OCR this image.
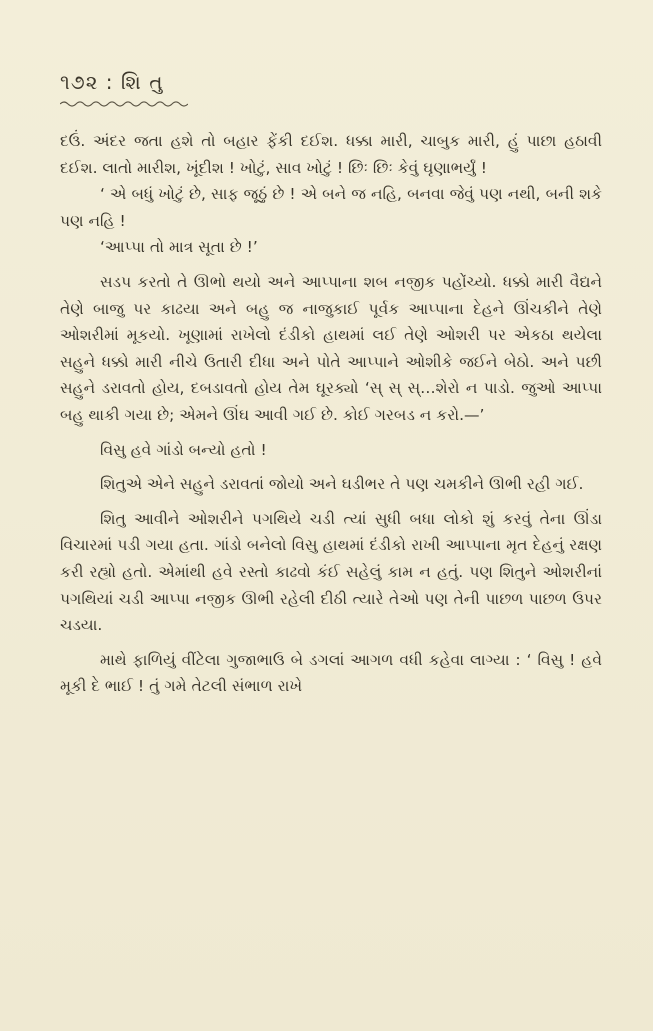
૧૭૨ : શિ તુ

દઉં. અંદર જતા હશે તો બહાર ફેંકી દઈશ. ધક્કા મારી, ચાબુક મારી, હું પાછા હઠાવી દઈશ. લાતો મારીશ, ખૂંદીશ ! ખોટું, સાવ ખોટું ! છિઃ છિઃ કેવું ઘૃણાભર્યું !

‘ એ બધું ખોટું છે, સાફ જૂઠું છે ! એ બને જ નહિ, બનવા જેવું પણ નથી, બની શકે પણ નહિ !

‘આપ્પા તો માત્ર સૂતા છે !’

સડપ કરતો તે ઊભો થયો અને આપ્પાના શબ નજીક પહોંચ્યો. ધક્કો મારી વૈદ્યને તેણે બાજુ પર કાઢયા અને બહુ જ નાજુકાઈ પૂર્વક આપ્પાના દેહને ઊંચકીને તેણે ઓશરીમાં મૂકયો. ખૂણામાં રાખેલો દંડીકો હાથમાં લઈ તેણે ઓશરી પર એકઠા થયેલા સહુને ધક્કો મારી નીચે ઉતારી દીધા અને પોતે આપ્પાને ઓશીકે જઈને બેઠો. અને પછી સહુને ડરાવતો હોય, દબડાવતો હોય તેમ ઘૂરક્યો ‘સ્ સ્ સ્…શેરો ન પાડો. જુઓ આપ્પા બહુ થાકી ગયા છે; એમને ઊંઘ આવી ગઈ છે. કોઈ ગરબડ ન કરો.—’

વિસુ હવે ગાંડો બન્યો હતો !

શિતુએ એને સહુને ડરાવતાં જોયો અને ઘડીભર તે પણ ચમકીને ઊભી રહી ગઈ.

શિતુ આવીને ઓશરીને પગથિયે ચડી ત્યાં સુધી બધા લોકો શું કરવું તેના ઊંડા વિચારમાં પડી ગયા હતા. ગાંડો બનેલો વિસુ હાથમાં દંડીકો રાખી આપ્પાના મૃત દેહનું રક્ષણ કરી રહ્યો હતો. એમાંથી હવે રસ્તો કાઢવો કંઈ સહેલું કામ ન હતું. પણ શિતુને ઓશરીનાં પગથિયાં ચડી આપ્પા નજીક ઊભી રહેલી દીઠી ત્યારે તેઓ પણ તેની પાછળ પાછળ ઉપર ચડયા.

માથે ફાળિયું વીંટેલા ગુજાભાઉ બે ડગલાં આગળ વધી કહેવા લાગ્યા : ‘ વિસુ ! હવે મૂકી દે ભાઈ ! તું ગમે તેટલી સંભાળ રાખે
